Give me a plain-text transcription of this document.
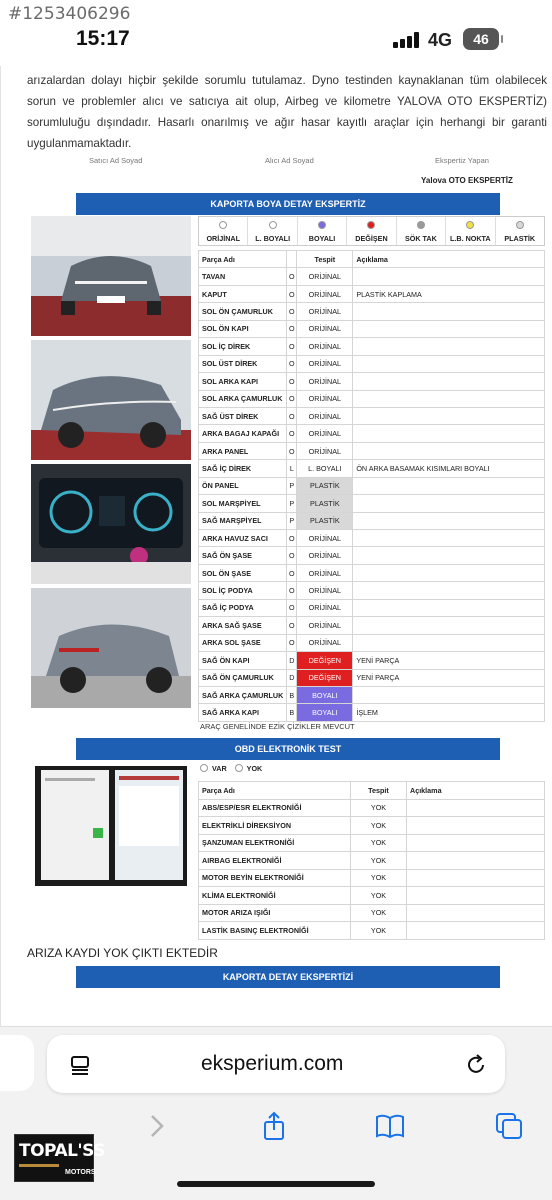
#1253406296
15:17	4G	46

arızalardan dolayı hiçbir şekilde sorumlu tutulamaz. Dyno testinden kaynaklanan tüm olabilecek sorun ve problemler alıcı ve satıcıya ait olup, Airbeg ve kilometre YALOVA OTO EKSPERTİZ) sorumluluğu dışındadır. Hasarlı onarılmış ve ağır hasar kayıtlı araçlar için herhangi bir garanti uygulanmamaktadır.

Satıcı Ad Soyad	Alıcı Ad Soyad	Ekspertiz Yapan
Yalova OTO EKSPERTİZ
KAPORTA BOYA DETAY EKSPERTİZ
ORİJİNAL	L. BOYALI	BOYALI	DEĞİŞEN	SÖK TAK	L.B. NOKTA	PLASTİK
Parça Adı		Tespit	Açıklama
TAVAN	O	ORİJİNAL	
KAPUT	O	ORİJİNAL	PLASTİK KAPLAMA
SOL ÖN ÇAMURLUK	O	ORİJİNAL	
SOL ÖN KAPI	O	ORİJİNAL	
SOL İÇ DİREK	O	ORİJİNAL	
SOL ÜST DİREK	O	ORİJİNAL	
SOL ARKA KAPI	O	ORİJİNAL	
SOL ARKA ÇAMURLUK	O	ORİJİNAL	
SAĞ ÜST DİREK	O	ORİJİNAL	
ARKA BAGAJ KAPAĞI	O	ORİJİNAL	
ARKA PANEL	O	ORİJİNAL	
SAĞ İÇ DİREK	L	L. BOYALI	ÖN ARKA BASAMAK KISIMLARI BOYALI
ÖN PANEL	P	PLASTİK	
SOL MARŞPİYEL	P	PLASTİK	
SAĞ MARŞPİYEL	P	PLASTİK	
ARKA HAVUZ SACI	O	ORİJİNAL	
SAĞ ÖN ŞASE	O	ORİJİNAL	
SOL ÖN ŞASE	O	ORİJİNAL	
SOL İÇ PODYA	O	ORİJİNAL	
SAĞ İÇ PODYA	O	ORİJİNAL	
ARKA SAĞ ŞASE	O	ORİJİNAL	
ARKA SOL ŞASE	O	ORİJİNAL	
SAĞ ÖN KAPI	D	DEĞİŞEN	YENİ PARÇA
SAĞ ÖN ÇAMURLUK	D	DEĞİŞEN	YENİ PARÇA
SAĞ ARKA ÇAMURLUK	B	BOYALI	
SAĞ ARKA KAPI	B	BOYALI	İŞLEM
ARAÇ GENELİNDE EZİK ÇİZİKLER MEVCUT
OBD ELEKTRONİK TEST
VAR	YOK
Parça Adı	Tespit	Açıklama
ABS/ESP/ESR ELEKTRONİĞİ	YOK	
ELEKTRİKLİ DİREKSİYON	YOK	
ŞANZUMAN ELEKTRONİĞİ	YOK	
AIRBAG ELEKTRONİĞİ	YOK	
MOTOR BEYİN ELEKTRONİĞİ	YOK	
KLİMA ELEKTRONİĞİ	YOK	
MOTOR ARIZA IŞIĞI	YOK	
LASTİK BASINÇ ELEKTRONİĞİ	YOK	
ARIZA KAYDI YOK ÇIKTI EKTEDİR
KAPORTA DETAY EKSPERTİZİ
eksperium.com
TOPAL'SS
MOTORS
